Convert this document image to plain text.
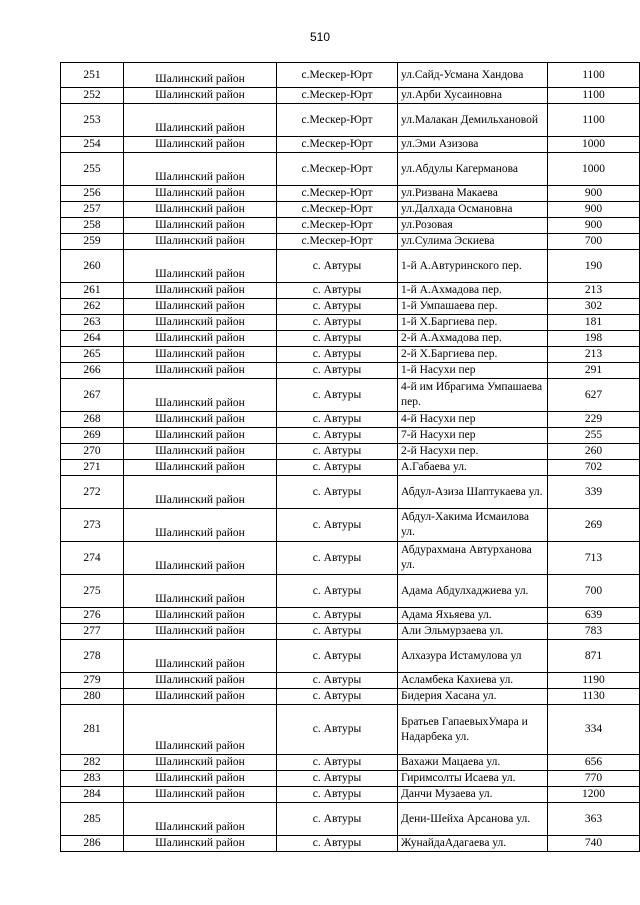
510
251	Шалинский район	с.Мескер-Юрт	ул.Сайд-Усмана Хандова	1100
252	Шалинский район	с.Мескер-Юрт	ул.Арби Хусаиновна	1100
253	Шалинский район	с.Мескер-Юрт	ул.Малакан Демильхановой	1100
254	Шалинский район	с.Мескер-Юрт	ул.Эми Азизова	1000
255	Шалинский район	с.Мескер-Юрт	ул.Абдулы Кагерманова	1000
256	Шалинский район	с.Мескер-Юрт	ул.Ризвана Макаева	900
257	Шалинский район	с.Мескер-Юрт	ул.Далхада Османовна	900
258	Шалинский район	с.Мескер-Юрт	ул.Розовая	900
259	Шалинский район	с.Мескер-Юрт	ул.Сулима Эскиева	700
260	Шалинский район	с. Автуры	1-й А.Автуринского пер.	190
261	Шалинский район	с. Автуры	1-й А.Ахмадова пер.	213
262	Шалинский район	с. Автуры	1-й Умпашаева пер.	302
263	Шалинский район	с. Автуры	1-й Х.Баргиева пер.	181
264	Шалинский район	с. Автуры	2-й А.Ахмадова пер.	198
265	Шалинский район	с. Автуры	2-й Х.Баргиева пер.	213
266	Шалинский район	с. Автуры	1-й Насухи пер	291
267	Шалинский район	с. Автуры	4-й им Ибрагима Умпашаева пер.	627
268	Шалинский район	с. Автуры	4-й Насухи пер	229
269	Шалинский район	с. Автуры	7-й Насухи пер	255
270	Шалинский район	с. Автуры	2-й Насухи пер.	260
271	Шалинский район	с. Автуры	А.Габаева ул.	702
272	Шалинский район	с. Автуры	Абдул-Азиза Шаптукаева ул.	339
273	Шалинский район	с. Автуры	Абдул-Хакима Исмаилова ул.	269
274	Шалинский район	с. Автуры	Абдурахмана Автурханова ул.	713
275	Шалинский район	с. Автуры	Адама Абдулхаджиева ул.	700
276	Шалинский район	с. Автуры	Адама Яхьяева ул.	639
277	Шалинский район	с. Автуры	Али Эльмурзаева ул.	783
278	Шалинский район	с. Автуры	Алхазура Истамулова ул	871
279	Шалинский район	с. Автуры	Асламбека Кахиева ул.	1190
280	Шалинский район	с. Автуры	Бидерия Хасана ул.	1130
281	Шалинский район	с. Автуры	Братьев ГапаевыхУмара и Надарбека ул.	334
282	Шалинский район	с. Автуры	Вахажи Мацаева ул.	656
283	Шалинский район	с. Автуры	Гиримсолты Исаева ул.	770
284	Шалинский район	с. Автуры	Данчи Музаева ул.	1200
285	Шалинский район	с. Автуры	Дени-Шейха Арсанова ул.	363
286	Шалинский район	с. Автуры	ЖунайдаАдагаева ул.	740
